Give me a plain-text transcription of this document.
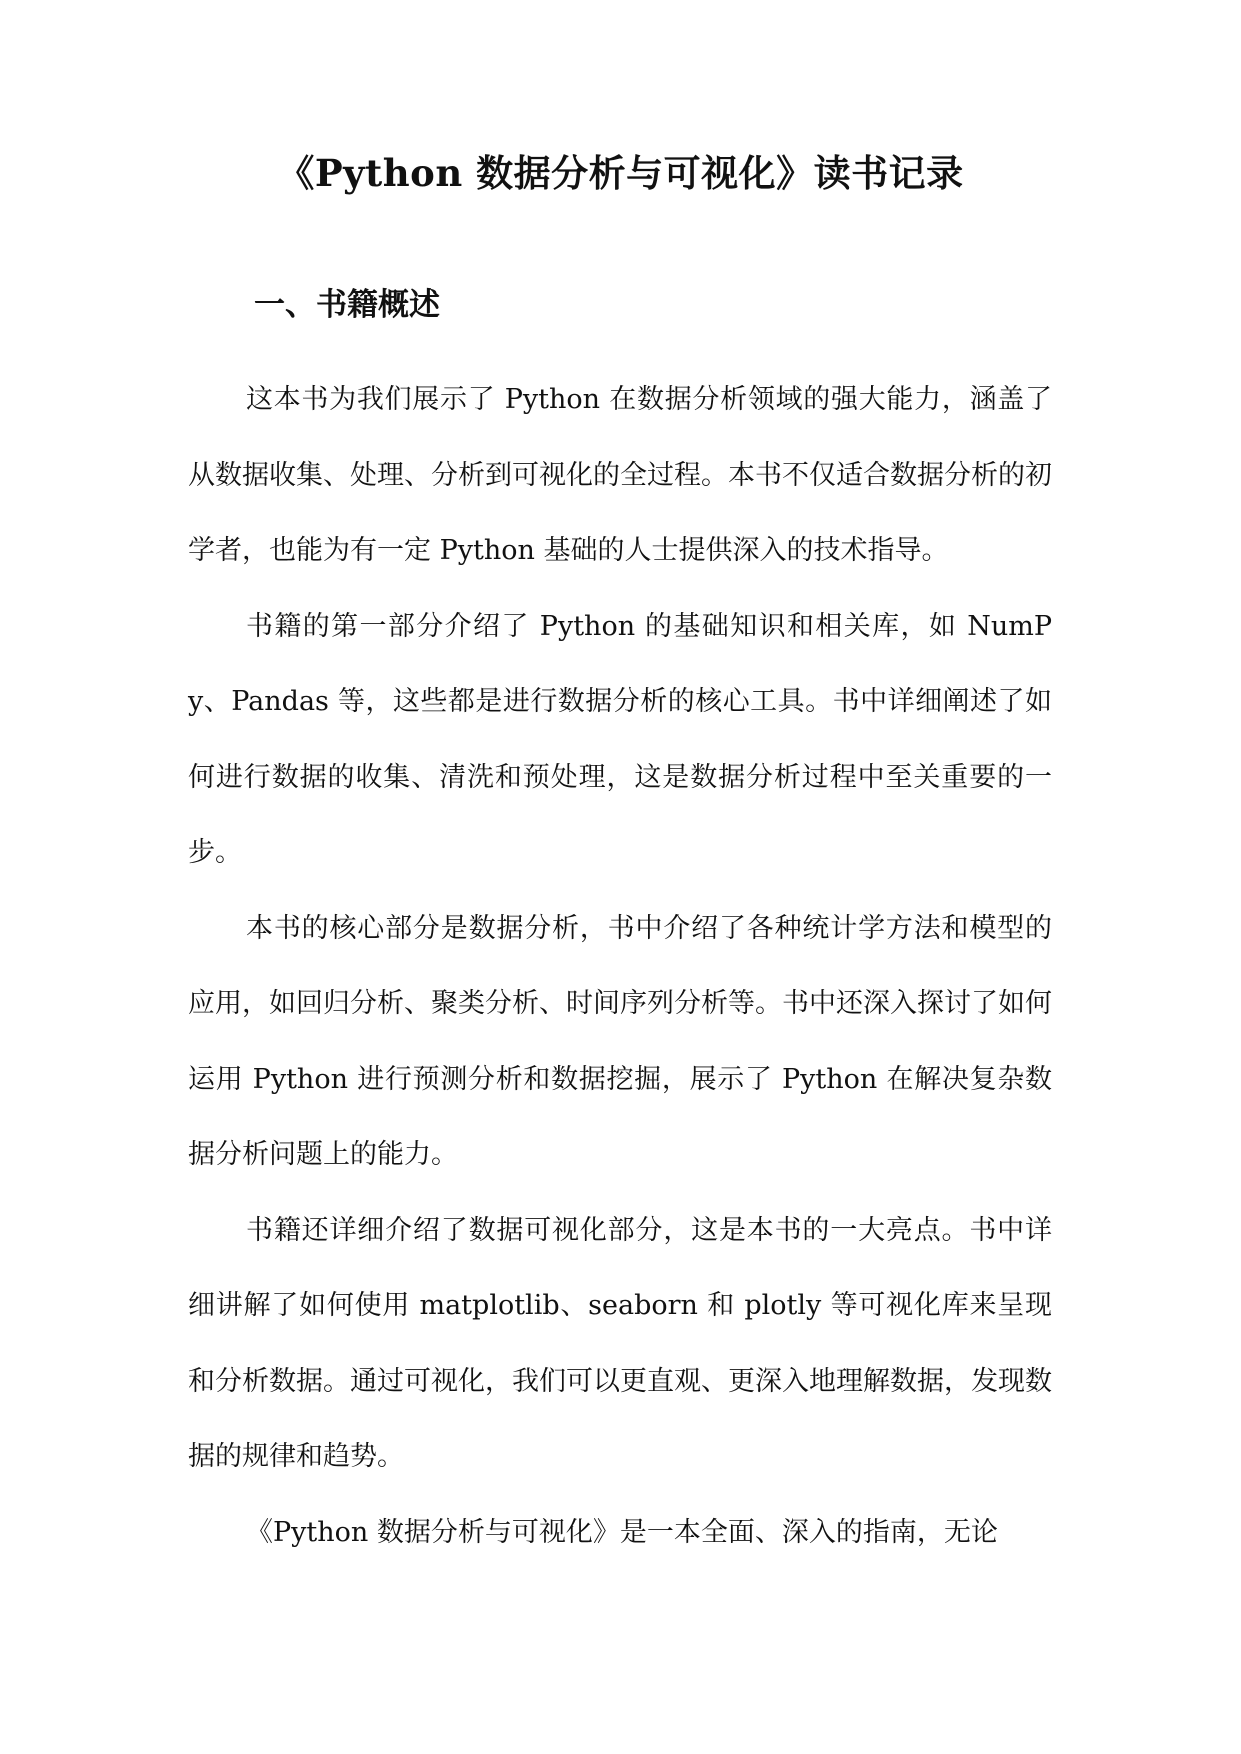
《Python 数据分析与可视化》读书记录
一、书籍概述

这本书为我们展示了 Python 在数据分析领域的强大能力，涵盖了从数据收集、处理、分析到可视化的全过程。本书不仅适合数据分析的初学者，也能为有一定 Python 基础的人士提供深入的技术指导。

书籍的第一部分介绍了 Python 的基础知识和相关库，如 NumPy、Pandas 等，这些都是进行数据分析的核心工具。书中详细阐述了如何进行数据的收集、清洗和预处理，这是数据分析过程中至关重要的一步。

本书的核心部分是数据分析，书中介绍了各种统计学方法和模型的应用，如回归分析、聚类分析、时间序列分析等。书中还深入探讨了如何运用 Python 进行预测分析和数据挖掘，展示了 Python 在解决复杂数据分析问题上的能力。

书籍还详细介绍了数据可视化部分，这是本书的一大亮点。书中详细讲解了如何使用 matplotlib、seaborn 和 plotly 等可视化库来呈现和分析数据。通过可视化，我们可以更直观、更深入地理解数据，发现数据的规律和趋势。

《Python 数据分析与可视化》是一本全面、深入的指南，无论
